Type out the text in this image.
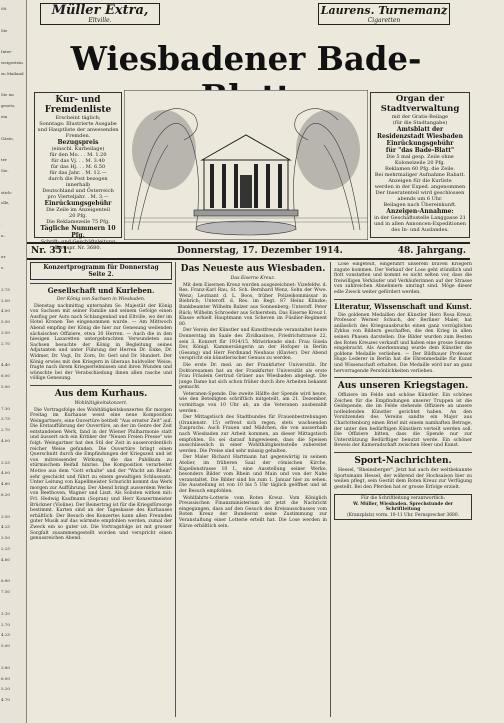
08.
Sie
Inter-
weigestein
zu Mailand
Sie im
gesetz,
ein
Gäste,
ter
Sie.
stich-
olle,
.
u.
ur
s.
3.75
2.00
4.00
5.50
3.50
2.70
4.40
6.00
5.00
7.30
3.75
2.70
4.00
3.25
4.00
4.60
6.20
3.50
4.25
3.50
2.25
4.60
6.80
7.50
3.10
2.70
4.25
5.00
3.80
6.00
5.20
4.70
Müller Extra,
Eltville.
Laurens. Turnemanz
Cigaretten
Wiesbadener Bade-
Kur- und
Fremdenliste
Erscheint täglich;
Sonntags: Illustrierte Ausgabe
und Hauptliste der anwesenden
Fremden.
Bezugspreis
(einschl. Kurbeilage)
für den Mo. . . M. 1.20
für das Vj. . . M. 3.40
für das Hj. . . M. 6.50
für das Jahr. . M. 12.—
durch die Post bezogen innerhalb
Deutschland und Österreich
pro Vierteljahr. . M. 3.—
Einrückungsgebühr
Die Zeile im Anzeigenteil
20 Pfg.
Die Reklamezeile 75 Pfg.
Tägliche Nummern 10 Pfg.
Schrift- und Geschäftsleitung
Fernspr. Nr. 3680.
Organ der
Stadtverwaltung
mit der Gratis-Beilage
(für die Stadtangabe)
Amtsblatt der
Residenzstadt Wiesbaden
Einrückungsgebühr
für "das Bade-Blatt"
Die 5 mal gesp. Zeile ohne Kolonelzeile 20 Pfg.
Reklamen 60 Pfg. die Zeile.
Bei mehrmaliger Aufnahme Rabatt.
Anzeigen für die Kurliste
werden in der Exped. angenommen
Der Inseratenteil wird geschlossen
abends um 6 Uhr.
Beilagen nach Übereinkunft.
Anzeigen-Annahme:
in der Geschäftsstelle Langgasse 21
und in allen Annoncen-Expeditionen
des In- und Auslandes.
Nr. 351.	Donnerstag, 17. Dezember 1914.	48. Jahrgang.
Konzertprogramm für Donnerstag
Seite 2.
Gesellschaft und Kurleben.
Der König von Sachsen in Wiesbaden.

Dienstag nachmittag unternahm Se. Majestät der König von Sachsen mit seiner Familie und seinem Gefolge einen Ausflug per Auto nach Schlangenbad und Eltville, wo der im Hotel Kronen Tee eingenommen wurde. — Am Mittwoch Abend empfing der König die hier zur Genesung weilenden sächsischen Offiziere, etwa 30 Herren. — Auch die in den hiesigen Lazaretten untergebrachten Verwundeten aus Sachsen besuchte der König in Begleitung seines Adjutanten und unter Führung der Herren Dr. Enke, Dr. Widmer, Dr. Vogt, Dr. Zorn, Dr. Gerl und Dr. Hundert. Der König erwies mit den Kriegern in überaus huldvoller Weise, fragte nach ihrem Kriegserlebnissen und ihren Wunden und wünschte bei der Verabschiedung ihnen allen rasche und völlige Genesung.

Aus dem Kurhaus.
Wohltätigkeitskonzert.

Die Vortragsfolge des Wohltätigkeitskonzertes für morgen Freitag im Kurhause weist eine neue Komposition Weingartners, eine Ouvertüre betitelt "Aus ernster Zeit" auf. Die Erstaufführung der Ouvertüre, an der im Genre der Zeit entstandenen Werk, fand in der Wiener Philharmonie statt und äussert sich ein Kritiker der "Neuen Freien Presse" wie folgt: Weingartner hat den Stil der Zeit in ausserordentlich reicher Weise gefunden. Die Ouvertüre bringt einen Querschnitt durch die Empfindungen der Kriegszeit und ist von mitreissender Wirkung, die das Publikum zu stürmischem Beifall hinriss. Die Komposition verarbeitet Motive aus dem "Gott erhalte" und der "Wacht am Rhein" sehr geschickt und führt zu einem gewaltigen Schlusssatz. Unter Leitung von Kapellmeister Schuricht kommt das Werk morgen zur Aufführung. Der Abend bringt ausserdem Werke von Beethoven, Wagner und Liszt. Als Solisten wirken mit: Frl. Hedwig Kaufmann (Sopran) und Herr Konzertmeister Brückner (Violine). Der Reinertrag ist für die Kriegsfürsorge bestimmt. Karten sind an der Tageskasse des Kurhauses erhältlich. Der Besuch des Konzertes kann allen Freunden guter Musik auf das wärmste empfohlen werden, zumal der Zweck ein so guter ist. Die Vortragsfolge ist mit grosser Sorgfalt zusammengestellt worden und verspricht einen genussreichen Abend.

Das Neueste aus Wiesbaden.
Das Eiserne Kreuz.

Mit dem Eisernen Kreuz wurden ausgezeichnet: Vizefeldw. d. Res. Franz-Karl Rau, St. Sch. Bernhard Wenz, Sohn der Wwe. Wenz; Leutnant d. L. Boos, früher Polizeikommissar in Biebrich; Unteroff. d. Res. im Regt. 87 Heinz Klinzke; Bankbeamter Wilhelm Balzer aus Sonnenberg; Unteroff. Peter Rück; Wilhelm Schroeder aus Schierstein. Das Eiserne Kreuz I. Klasse erhielt Hauptmann von Scheven im Füsilier-Regiment 80.

Der Verein der Künstler und Kunstfreunde veranstaltet heute Donnerstag im Saale des Zivilkasinos, Friedrichstrasse 22, sein 3. Konzert für 1914/15. Mitwirkende sind: Frau Gisela Dor, Königl. Kammersängerin an der Hofoper in Berlin (Gesang) und Herr Ferdinand Neuhaus (Klavier). Der Abend verspricht ein künstlerischer Genuss zu werden.

Die erste Dr. med. an der Frankfurter Universität. Ihr Doktorexamen hat an der Frankfurter Universität als erste Frau Fräulein Gertrud Grüner aus Wiesbaden abgelegt. Die junge Dame hat sich schon früher durch ihre Arbeiten bekannt gemacht.

Veteranen-Spende. Die zweite Hälfte der Spende wird heute, wie den Beteiligten schriftlich mitgeteilt, am 21. Dezember, vormittags von 10 Uhr ab, an die Veteranen ausbezahlt werden.

Der Mittagstisch des Stadtbundes für Frauenbestrebungen (Oranienstr. 15) erfreut sich regen, stets wachsenden Zuspruchs. Auch Frauen und Mädchen, die von ausserhalb nach Wiesbaden zur Arbeit kommen, an dieser Mittagstisch empfohlen. Es sei darauf hingewiesen, dass die Speisen ausschliesslich in einer Wohlthätigkeitsstelle zubereitet werden. Die Preise sind sehr mässig gehalten.

Der Maler Richard Hartmann hat gegenwärtig in seinem Atelier, im früheren Saal der römischen Kirche, Kapellenstrasse 10 I., eine Ausstellung seiner Werke, besonders Bilder vom Rhein und Main und von der Nahe veranstaltet. Die Bilder sind bis zum 1. Januar hier zu sehen. Die Ausstellung ist von 10 bis 5 Uhr täglich geöffnet und ist der Besuch empfohlen.

Wohlfahrts-Lotterie vom Roten Kreuz. Vom Königlich Preussischen Finanzministerium ist jetzt die Nachricht eingegangen, dass auf den Gesuch des Kreisausschusses vom Roten Kreuz der Bundesrat seine Zustimmung zur Veranstaltung einer Lotterie erteilt hat. Die Lose werden in Kürze erhältlich sein.

Lose eingeteilt, eingeführt unserem braven Kriegern zugute kommen. Der Verkauf der Lose geht stündlich und flott vonstatten und kommt es nicht selten vor, dass die freiwilligen Verkäufer und Verkäuferinnen auf der Strasse von zahlreichen Abnehmern umringt sind. Möge dieser edle Zweck weiter gefördert werden.

Literatur, Wissenschaft und Kunst.

Die goldenen Medaillen der Künstler Hero Rosa Kreuz. Professor Werner Schuch, der Berliner Maler, hat anlässlich des Kriegsausbruchs einen ganz vorzüglichen Zyklus von Bildern geschaffen, die den Krieg in allen seinen Phasen darstellen. Die Bilder wurden zum Besten des Roten Kreuzes verkauft und haben eine grosse Summe eingebracht. Als Anerkennung wurde dem Künstler die goldene Medaille verliehen. — Der Bildhauer Professor Hugo Lederer in Berlin hat die Ehrenmedaille für Kunst und Wissenschaft erhalten. Die Medaille wird nur an ganz hervorragende Persönlichkeiten verliehen.

Aus unseren Kriegstagen.

Offiziere im Felde und schöne Künstler. Ein schönes Zeichen für die Empfindungen unserer Truppen ist die Geldspende, die im Felde stehende Offiziere an unsere notleidenden Künstler gerichtet haben. An den Vorsitzenden des Vereins sandte ein Major aus Charlottenburg einen Brief mit einem namhaften Betrage, der unter den bedürftigen Künstlern verteilt werden soll. Die Offiziere bitten, dass die Spende nur zur Unterstützung Bedürftiger benutzt werde. Ein schöner Beweis der Kameradschaft zwischen Heer und Kunst.

Sport-Nachrichten.

Hessel, "Rheinsberger". Jetzt hat auch der weltbekannte Sportsmann Hessel, der während der Hochsaison hier zu weilen pflegt, sein Gestüt dem Roten Kreuz zur Verfügung gestellt. Bei den Pferden hat er grosse Erfolge erzielt.

Für die Schriftleitung verantwortlich:
W. Müller, Wiesbaden. Sprechstunde der Schriftleitung
(Kranzplatz) vorm. 10-11 Uhr. Fernsprecher 3680.
